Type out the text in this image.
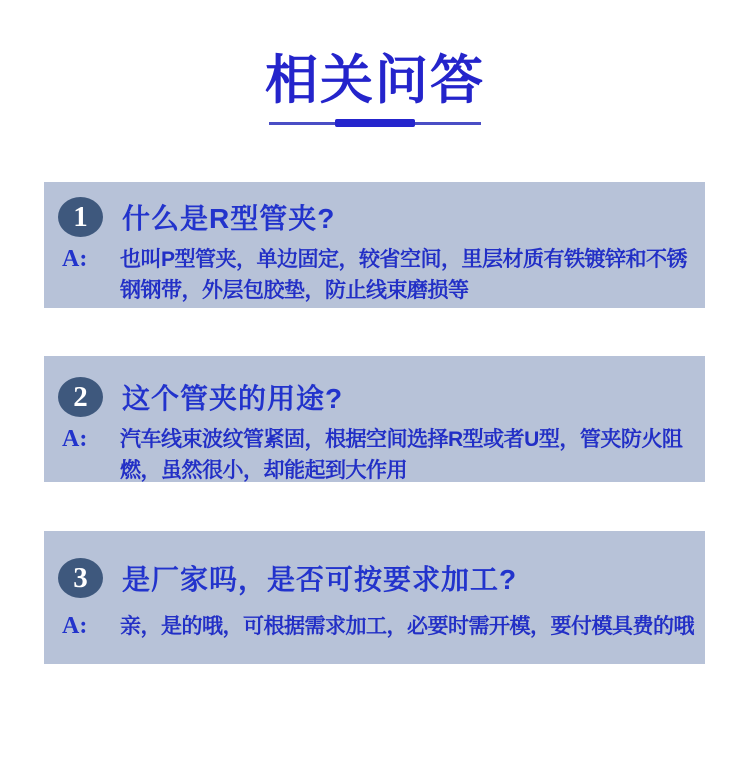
相关问答
1	什么是R型管夹?
A:	也叫P型管夹，单边固定，较省空间，里层材质有铁镀锌和不锈
钢钢带，外层包胶垫，防止线束磨损等
2	这个管夹的用途?
A:	汽车线束波纹管紧固，根据空间选择R型或者U型，管夹防火阻
燃，虽然很小，却能起到大作用
3	是厂家吗，是否可按要求加工?
A:	亲，是的哦，可根据需求加工，必要时需开模，要付模具费的哦
